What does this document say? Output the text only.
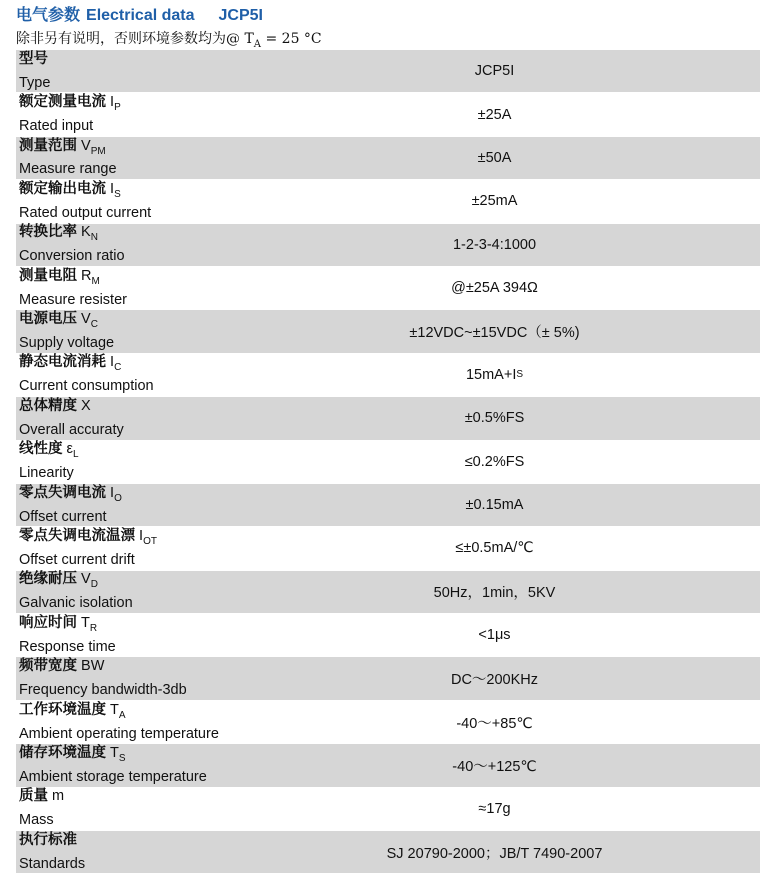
电气参数 Electrical data JCP5I
除非另有说明，否则环境参数均为@ $T_A = 25$ °C
型号
Type
JCP5I
额定测量电流 $I_P$
Rated input
±25A
测量范围 $V_{PM}$
Measure range
±50A
额定输出电流 $I_S$
Rated output current
±25mA
转换比率 $K_N$
Conversion ratio
1-2-3-4:1000
测量电阻 $R_M$
Measure resister
@±25A 394Ω
电源电压 $V_C$
Supply voltage
±12VDC~±15VDC（± 5%)
静态电流消耗 $I_C$
Current consumption
15mA+I S
总体精度 X
Overall accuraty
±0.5%FS
线性度 $\varepsilon_L$
Linearity
≤0.2%FS
零点失调电流 $I_O$
Offset current
±0.15mA
零点失调电流温漂 $I_{OT}$
Offset current drift
≤±0.5mA/℃
绝缘耐压 $V_D$
Galvanic isolation
50Hz，1min，5KV
响应时间 $T_R$
Response time
<1μs
频带宽度 BW
Frequency bandwidth-3db
DC～200KHz
工作环境温度 $T_A$
Ambient operating temperature
-40～+85℃
储存环境温度 $T_S$
Ambient storage temperature
-40～+125℃
质量 m
Mass
≈17g
执行标准
Standards
SJ 20790-2000；JB/T 7490-2007
